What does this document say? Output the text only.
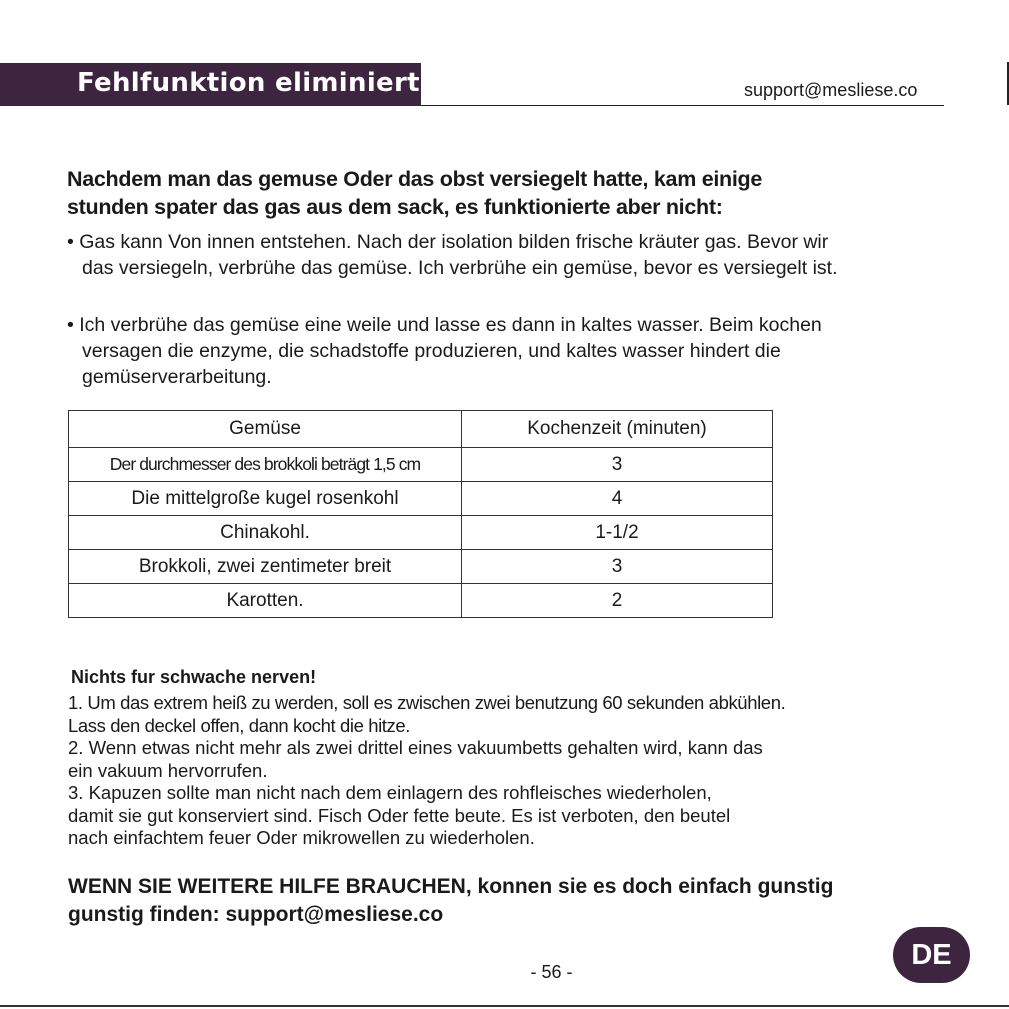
Fehlfunktion eliminiert.	support@mesliese.co
Nachdem man das gemuse Oder das obst versiegelt hatte, kam einige
stunden spater das gas aus dem sack, es funktionierte aber nicht:
• Gas kann Von innen entstehen. Nach der isolation bilden frische kräuter gas. Bevor wir
das versiegeln, verbrühe das gemüse. Ich verbrühe ein gemüse, bevor es versiegelt ist.
• Ich verbrühe das gemüse eine weile und lasse es dann in kaltes wasser. Beim kochen
versagen die enzyme, die schadstoffe produzieren, und kaltes wasser hindert die
gemüserverarbeitung.
Gemüse	Kochenzeit (minuten)
Der durchmesser des brokkoli beträgt 1,5 cm	3
Die mittelgroße kugel rosenkohl	4
Chinakohl.	1-1/2
Brokkoli, zwei zentimeter breit	3
Karotten.	2
Nichts fur schwache nerven!
1. Um das extrem heiß zu werden, soll es zwischen zwei benutzung 60 sekunden abkühlen.
Lass den deckel offen, dann kocht die hitze.
2. Wenn etwas nicht mehr als zwei drittel eines vakuumbetts gehalten wird, kann das
ein vakuum hervorrufen.
3. Kapuzen sollte man nicht nach dem einlagern des rohfleisches wiederholen,
damit sie gut konserviert sind. Fisch Oder fette beute. Es ist verboten, den beutel
nach einfachtem feuer Oder mikrowellen zu wiederholen.
WENN SIE WEITERE HILFE BRAUCHEN, konnen sie es doch einfach gunstig
gunstig finden: support@mesliese.co
- 56 -
DE
